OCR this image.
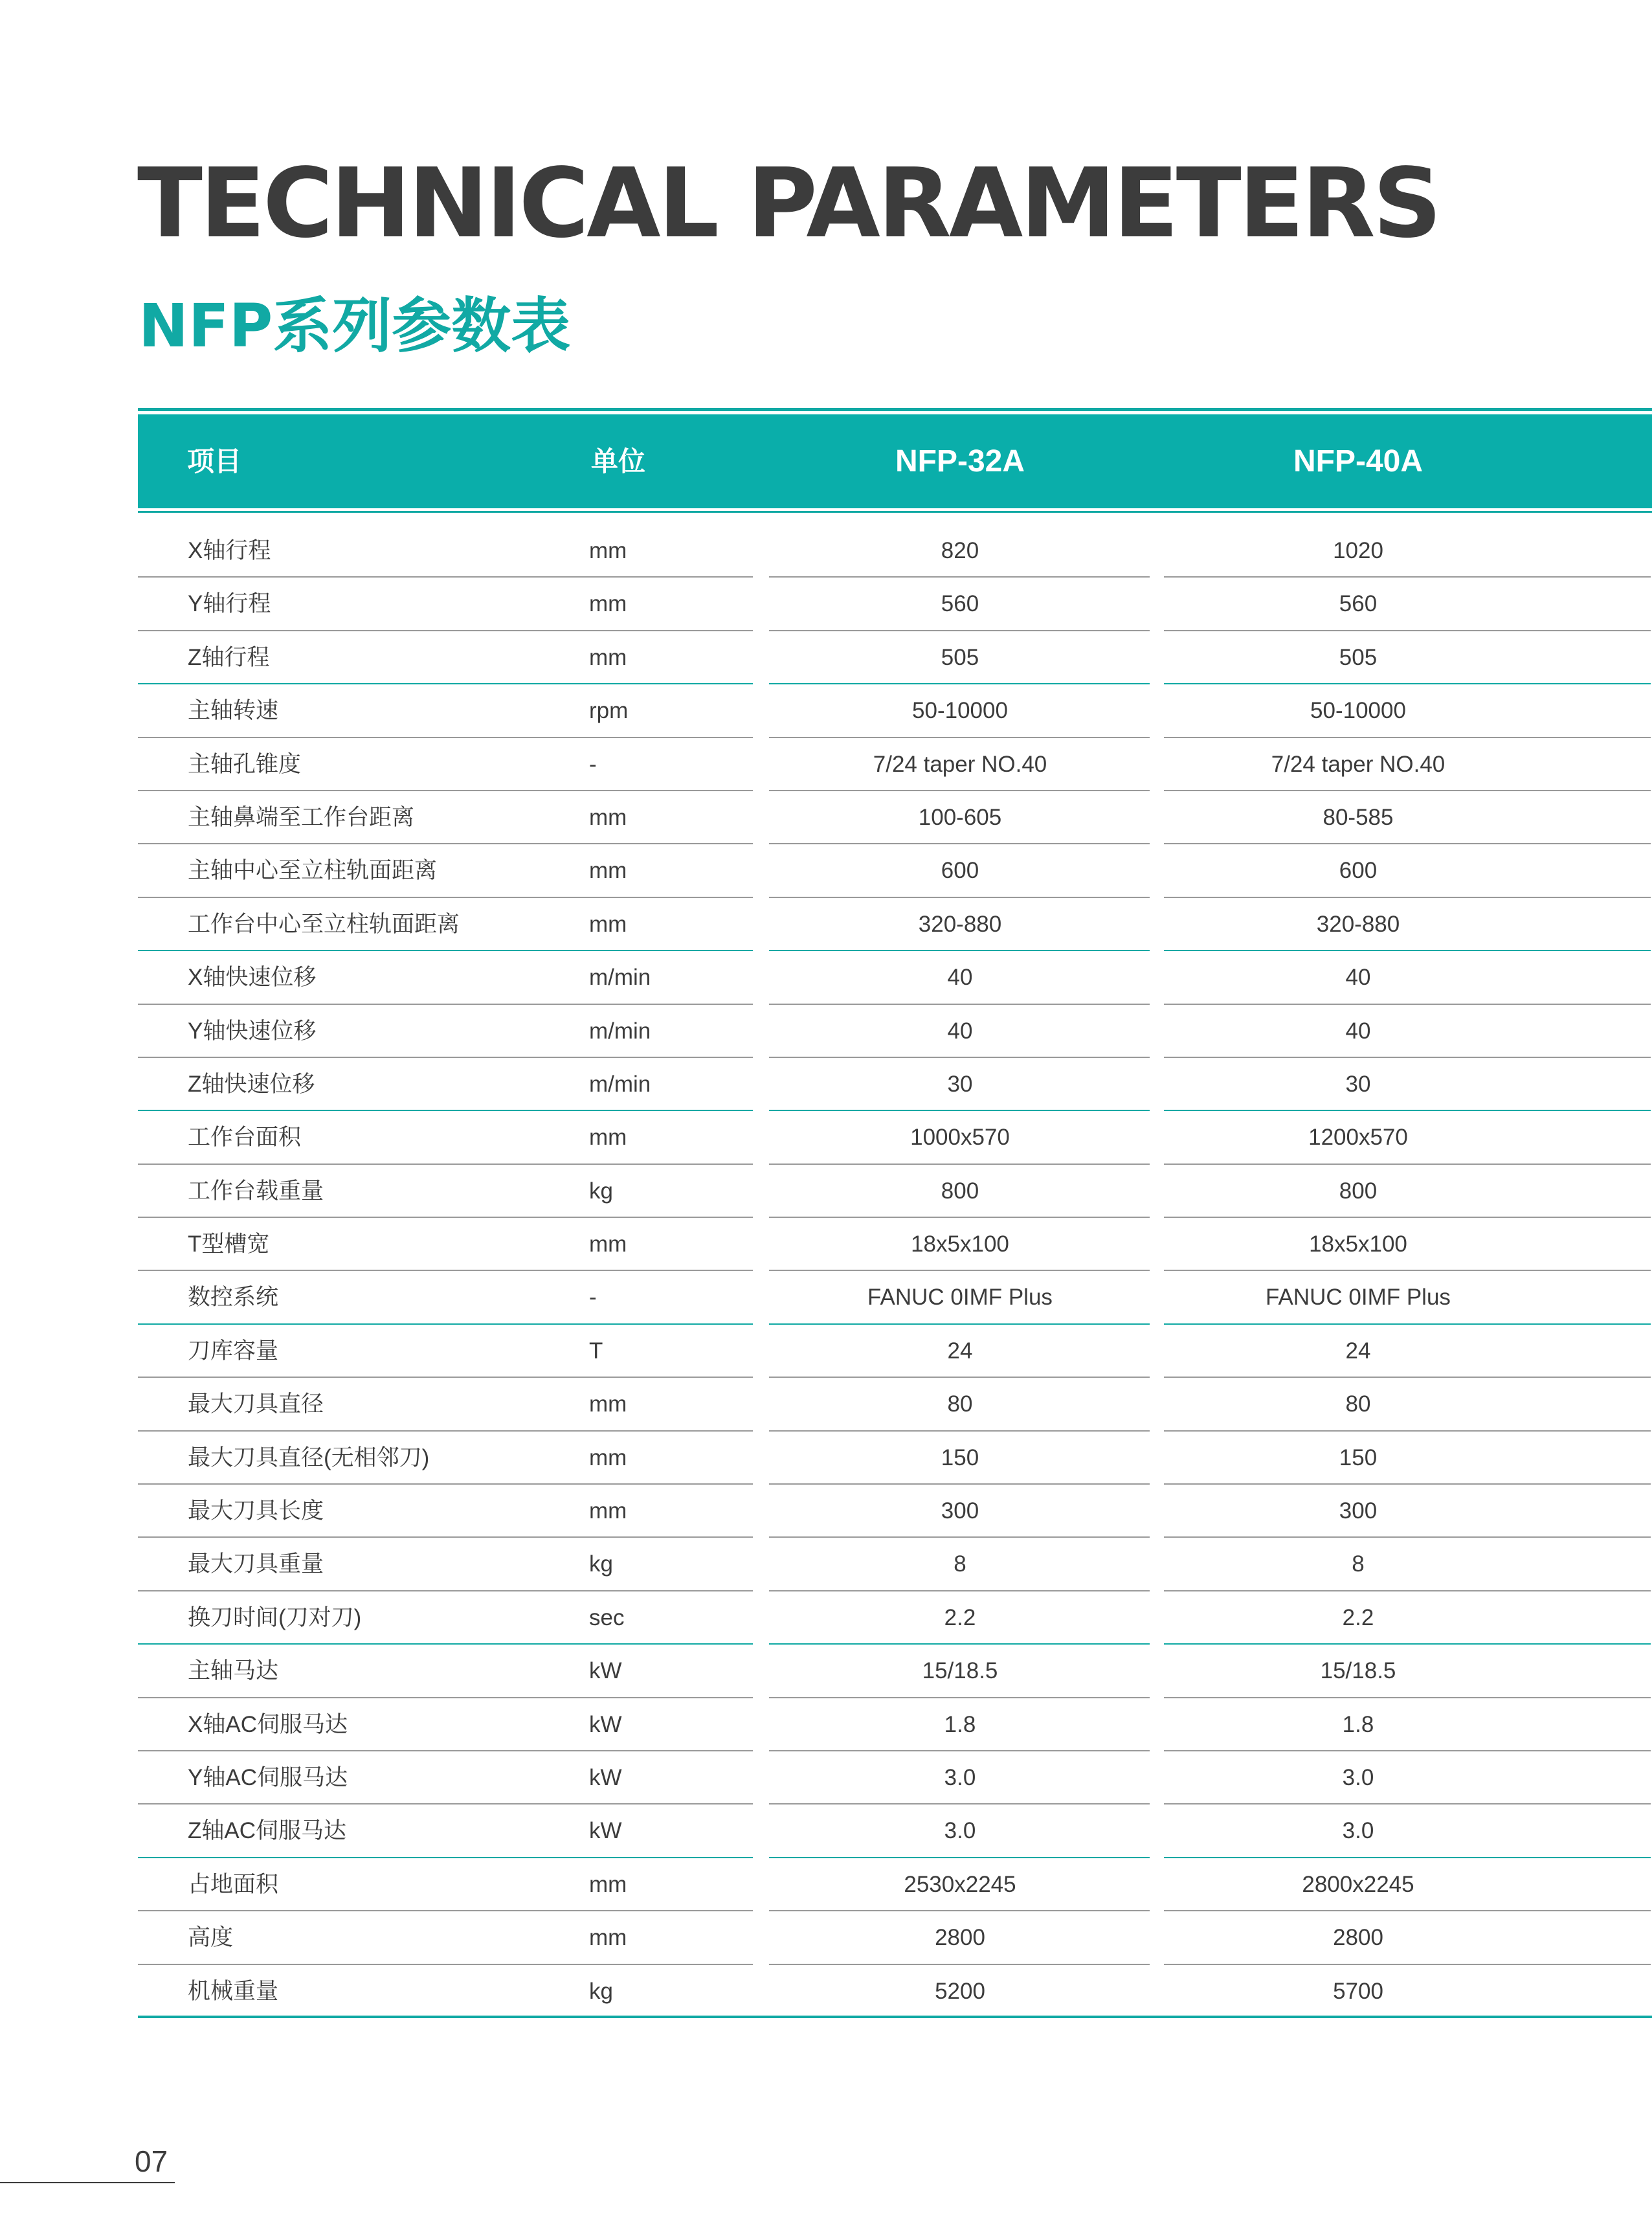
TECHNICAL PARAMETERS
NFP系列参数表
项目	单位	NFP-32A	NFP-40A
X轴行程	mm	820	1020
Y轴行程	mm	560	560
Z轴行程	mm	505	505
主轴转速	rpm	50-10000	50-10000
主轴孔锥度	-	7/24 taper NO.40	7/24 taper NO.40
主轴鼻端至工作台距离	mm	100-605	80-585
主轴中心至立柱轨面距离	mm	600	600
工作台中心至立柱轨面距离	mm	320-880	320-880
X轴快速位移	m/min	40	40
Y轴快速位移	m/min	40	40
Z轴快速位移	m/min	30	30
工作台面积	mm	1000x570	1200x570
工作台载重量	kg	800	800
T型槽宽	mm	18x5x100	18x5x100
数控系统	-	FANUC 0IMF Plus	FANUC 0IMF Plus
刀库容量	T	24	24
最大刀具直径	mm	80	80
最大刀具直径(无相邻刀)	mm	150	150
最大刀具长度	mm	300	300
最大刀具重量	kg	8	8
换刀时间(刀对刀)	sec	2.2	2.2
主轴马达	kW	15/18.5	15/18.5
X轴AC伺服马达	kW	1.8	1.8
Y轴AC伺服马达	kW	3.0	3.0
Z轴AC伺服马达	kW	3.0	3.0
占地面积	mm	2530x2245	2800x2245
高度	mm	2800	2800
机械重量	kg	5200	5700
07
